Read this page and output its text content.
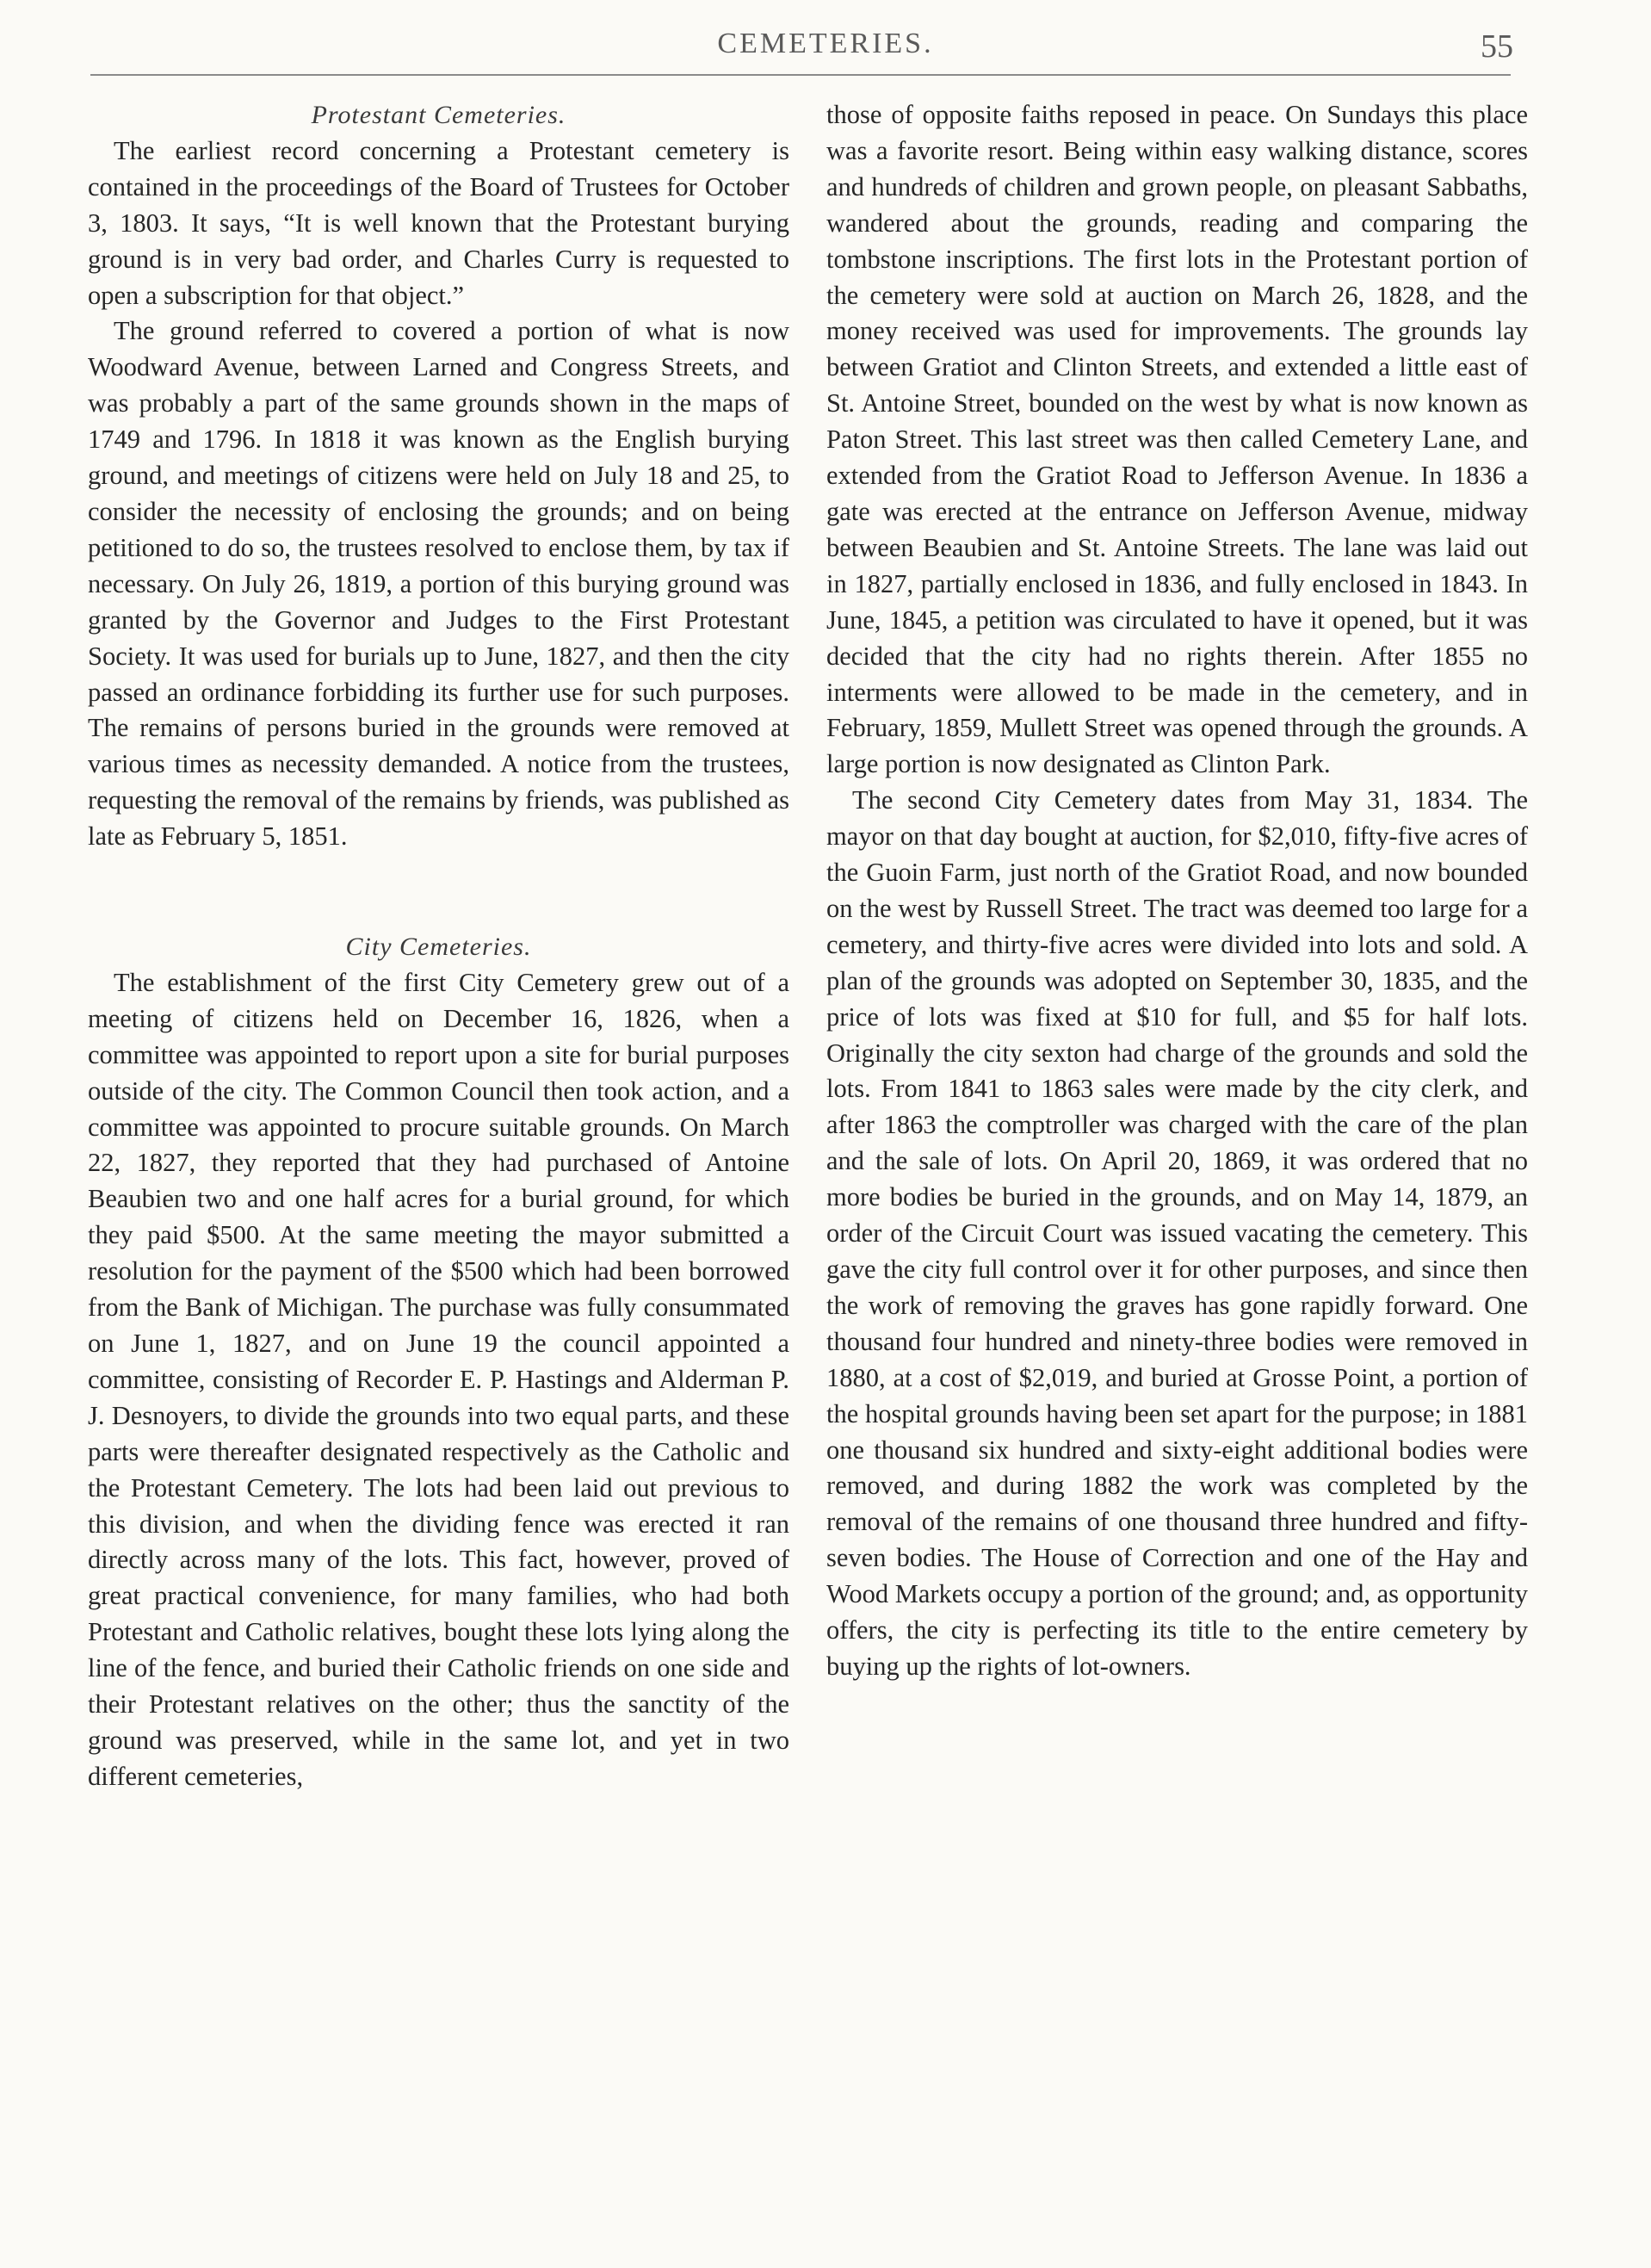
CEMETERIES.	55
Protestant Cemeteries.

The earliest record concerning a Protestant cemetery is contained in the proceedings of the Board of Trustees for October 3, 1803. It says, “It is well known that the Protestant burying ground is in very bad order, and Charles Curry is requested to open a subscription for that object.”

The ground referred to covered a portion of what is now Woodward Avenue, between Larned and Congress Streets, and was probably a part of the same grounds shown in the maps of 1749 and 1796. In 1818 it was known as the English burying ground, and meetings of citizens were held on July 18 and 25, to consider the necessity of enclosing the grounds; and on being petitioned to do so, the trustees resolved to enclose them, by tax if necessary. On July 26, 1819, a portion of this burying ground was granted by the Governor and Judges to the First Protestant Society. It was used for burials up to June, 1827, and then the city passed an ordinance forbidding its further use for such purposes. The remains of persons buried in the grounds were removed at various times as necessity demanded. A notice from the trustees, requesting the removal of the remains by friends, was published as late as February 5, 1851.

City Cemeteries.

The establishment of the first City Cemetery grew out of a meeting of citizens held on December 16, 1826, when a committee was appointed to report upon a site for burial purposes outside of the city. The Common Council then took action, and a committee was appointed to procure suitable grounds. On March 22, 1827, they reported that they had purchased of Antoine Beaubien two and one half acres for a burial ground, for which they paid $500. At the same meeting the mayor submitted a resolution for the payment of the $500 which had been borrowed from the Bank of Michigan. The purchase was fully consummated on June 1, 1827, and on June 19 the council appointed a committee, consisting of Recorder E. P. Hastings and Alderman P. J. Desnoyers, to divide the grounds into two equal parts, and these parts were thereafter designated respectively as the Catholic and the Protestant Cemetery. The lots had been laid out previous to this division, and when the dividing fence was erected it ran directly across many of the lots. This fact, however, proved of great practical convenience, for many families, who had both Protestant and Catholic relatives, bought these lots lying along the line of the fence, and buried their Catholic friends on one side and their Protestant relatives on the other; thus the sanctity of the ground was preserved, while in the same lot, and yet in two different cemeteries,

those of opposite faiths reposed in peace. On Sundays this place was a favorite resort. Being within easy walking distance, scores and hundreds of children and grown people, on pleasant Sabbaths, wandered about the grounds, reading and comparing the tombstone inscriptions. The first lots in the Protestant portion of the cemetery were sold at auction on March 26, 1828, and the money received was used for improvements. The grounds lay between Gratiot and Clinton Streets, and extended a little east of St. Antoine Street, bounded on the west by what is now known as Paton Street. This last street was then called Cemetery Lane, and extended from the Gratiot Road to Jefferson Avenue. In 1836 a gate was erected at the entrance on Jefferson Avenue, midway between Beaubien and St. Antoine Streets. The lane was laid out in 1827, partially enclosed in 1836, and fully enclosed in 1843. In June, 1845, a petition was circulated to have it opened, but it was decided that the city had no rights therein. After 1855 no interments were allowed to be made in the cemetery, and in February, 1859, Mullett Street was opened through the grounds. A large portion is now designated as Clinton Park.

The second City Cemetery dates from May 31, 1834. The mayor on that day bought at auction, for $2,010, fifty-five acres of the Guoin Farm, just north of the Gratiot Road, and now bounded on the west by Russell Street. The tract was deemed too large for a cemetery, and thirty-five acres were divided into lots and sold. A plan of the grounds was adopted on September 30, 1835, and the price of lots was fixed at $10 for full, and $5 for half lots. Originally the city sexton had charge of the grounds and sold the lots. From 1841 to 1863 sales were made by the city clerk, and after 1863 the comptroller was charged with the care of the plan and the sale of lots. On April 20, 1869, it was ordered that no more bodies be buried in the grounds, and on May 14, 1879, an order of the Circuit Court was issued vacating the cemetery. This gave the city full control over it for other purposes, and since then the work of removing the graves has gone rapidly forward. One thousand four hundred and ninety-three bodies were removed in 1880, at a cost of $2,019, and buried at Grosse Point, a portion of the hospital grounds having been set apart for the purpose; in 1881 one thousand six hundred and sixty-eight additional bodies were removed, and during 1882 the work was completed by the removal of the remains of one thousand three hundred and fifty-seven bodies. The House of Correction and one of the Hay and Wood Markets occupy a portion of the ground; and, as opportunity offers, the city is perfecting its title to the entire cemetery by buying up the rights of lot-owners.
